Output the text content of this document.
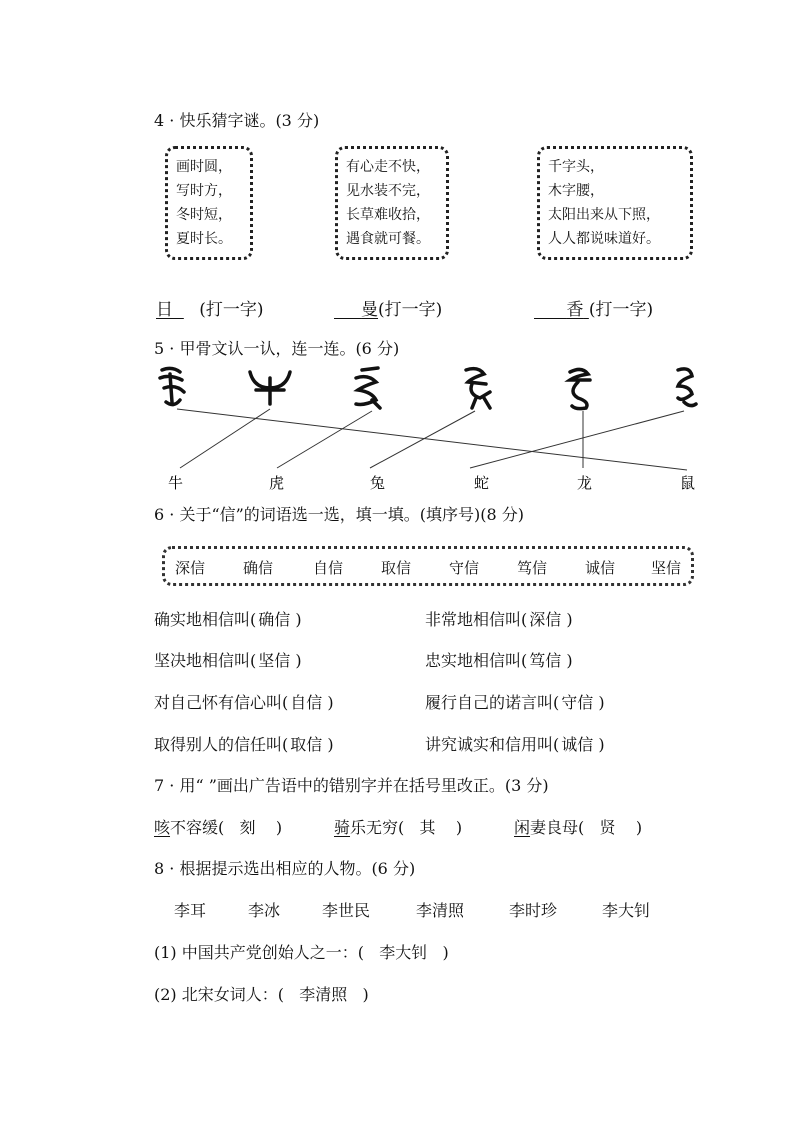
4 · 快乐猜字谜。(3 分)
画时圆，
写时方，
冬时短，
夏时长。
有心走不快，
见水装不完，
长草难收拾，
遇食就可餐。
千字头，
木字腰，
太阳出来从下照，
人人都说味道好。
日 (打一字)	曼(打一字)	香 (打一字)
5 · 甲骨文认一认，连一连。(6 分)
牛	虎	兔	蛇	龙	鼠
6 · 关于“信”的词语选一选，填一填。(填序号)(8 分)
深信	确信	自信	取信	守信	笃信	诚信 坚信
确实地相信叫( 确信 )	非常地相信叫( 深信 )
坚决地相信叫( 坚信 )	忠实地相信叫( 笃信 )
对自己怀有信心叫( 自信 )	履行自己的诺言叫( 守信 )
取得别人的信任叫( 取信 )	讲究诚实和信用叫( 诚信 )
7 · 用“ ”画出广告语中的错别字并在括号里改正。(3 分)
咳不容缓( 刻 )	骑乐无穷( 其 )	闲妻良母( 贤 )
8 · 根据提示选出相应的人物。(6 分)
李耳	李冰	李世民	李清照	李时珍	李大钊
(1) 中国共产党创始人之一：( 李大钊 )
(2) 北宋女词人：( 李清照 )
